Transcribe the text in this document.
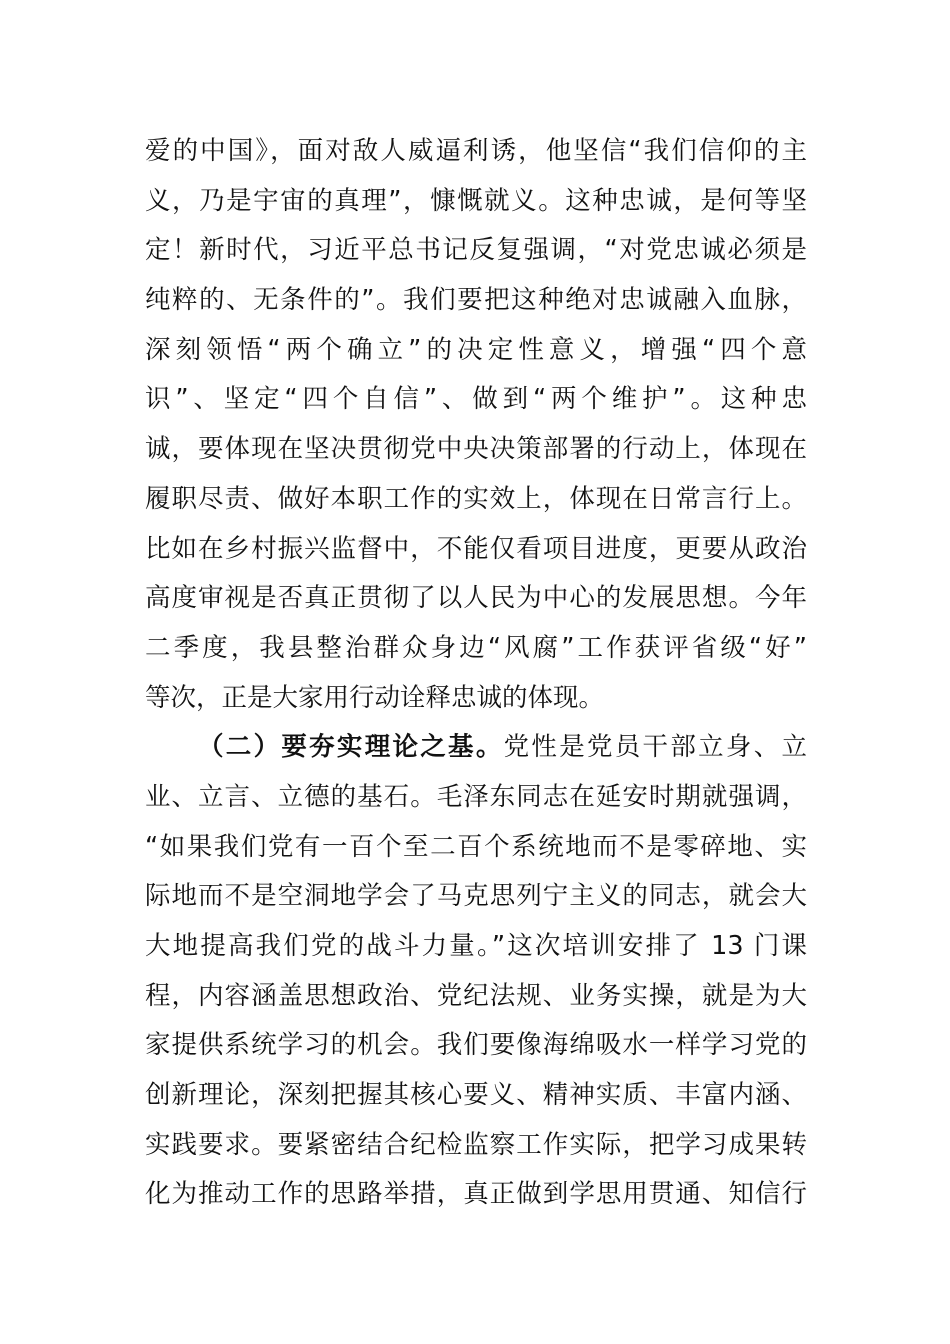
爱的中国》，面对敌人威逼利诱，他坚信“我们信仰的主
义，乃是宇宙的真理”，慷慨就义。这种忠诚，是何等坚
定！新时代，习近平总书记反复强调，“对党忠诚必须是
纯粹的、无条件的”。我们要把这种绝对忠诚融入血脉，
深刻领悟“两个确立”的决定性意义，增强“四个意
识”、坚定“四个自信”、做到“两个维护”。这种忠
诚，要体现在坚决贯彻党中央决策部署的行动上，体现在
履职尽责、做好本职工作的实效上，体现在日常言行上。
比如在乡村振兴监督中，不能仅看项目进度，更要从政治
高度审视是否真正贯彻了以人民为中心的发展思想。今年
二季度，我县整治群众身边“风腐”工作获评省级“好”
等次，正是大家用行动诠释忠诚的体现。
（二）要夯实理论之基。党性是党员干部立身、立
业、立言、立德的基石。毛泽东同志在延安时期就强调，
“如果我们党有一百个至二百个系统地而不是零碎地、实
际地而不是空洞地学会了马克思列宁主义的同志，就会大
大地提高我们党的战斗力量。”这次培训安排了 13 门课
程，内容涵盖思想政治、党纪法规、业务实操，就是为大
家提供系统学习的机会。我们要像海绵吸水一样学习党的
创新理论，深刻把握其核心要义、精神实质、丰富内涵、
实践要求。要紧密结合纪检监察工作实际，把学习成果转
化为推动工作的思路举措，真正做到学思用贯通、知信行
